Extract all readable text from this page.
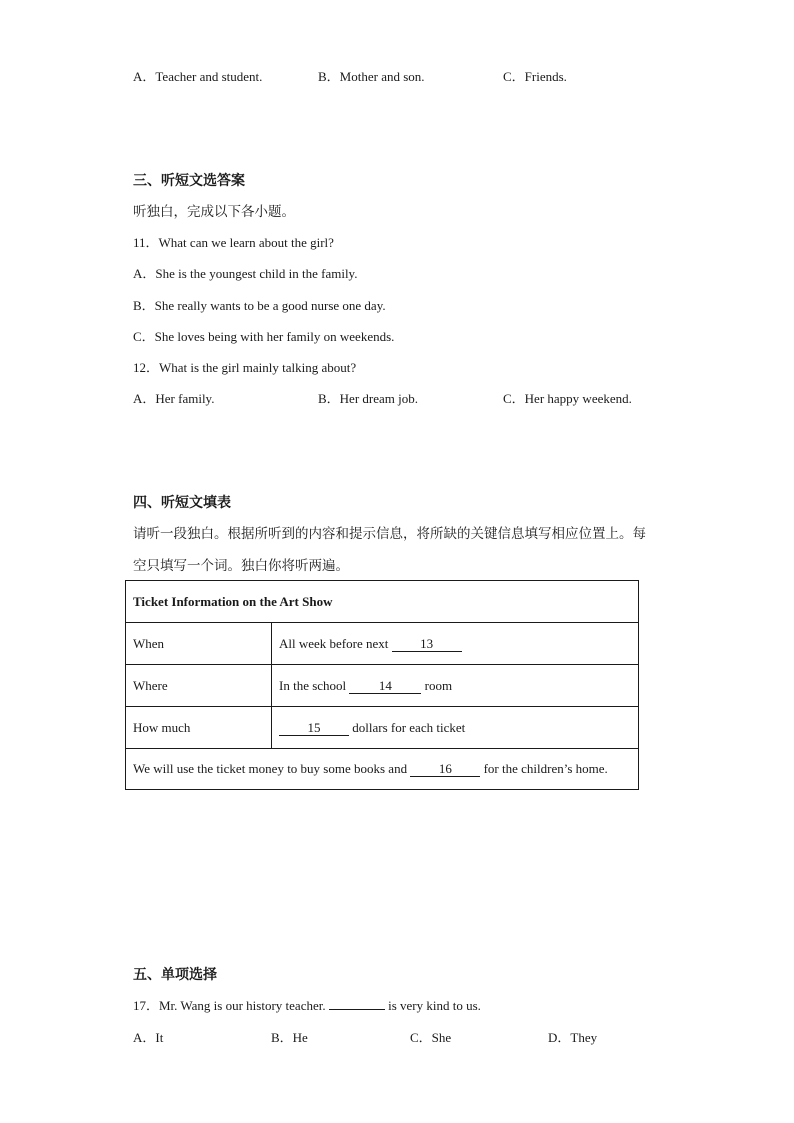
A．Teacher and student.	B．Mother and son.	C．Friends.
三、听短文选答案
听独白，完成以下各小题。
11．What can we learn about the girl?
A．She is the youngest child in the family.
B．She really wants to be a good nurse one day.
C．She loves being with her family on weekends.
12．What is the girl mainly talking about?
A．Her family.	B．Her dream job.	C．Her happy weekend.
四、听短文填表
请听一段独白。根据所听到的内容和提示信息，将所缺的关键信息填写相应位置上。每
空只填写一个词。独白你将听两遍。
Ticket Information on the Art Show	
When	All week before next 13
Where	In the school 14 room
How much	15 dollars for each ticket
We will use the ticket money to buy some books and 16 for the children’s home.	
五、单项选择
17．Mr. Wang is our history teacher.	is very kind to us.
A．It	B．He	C．She	D．They
